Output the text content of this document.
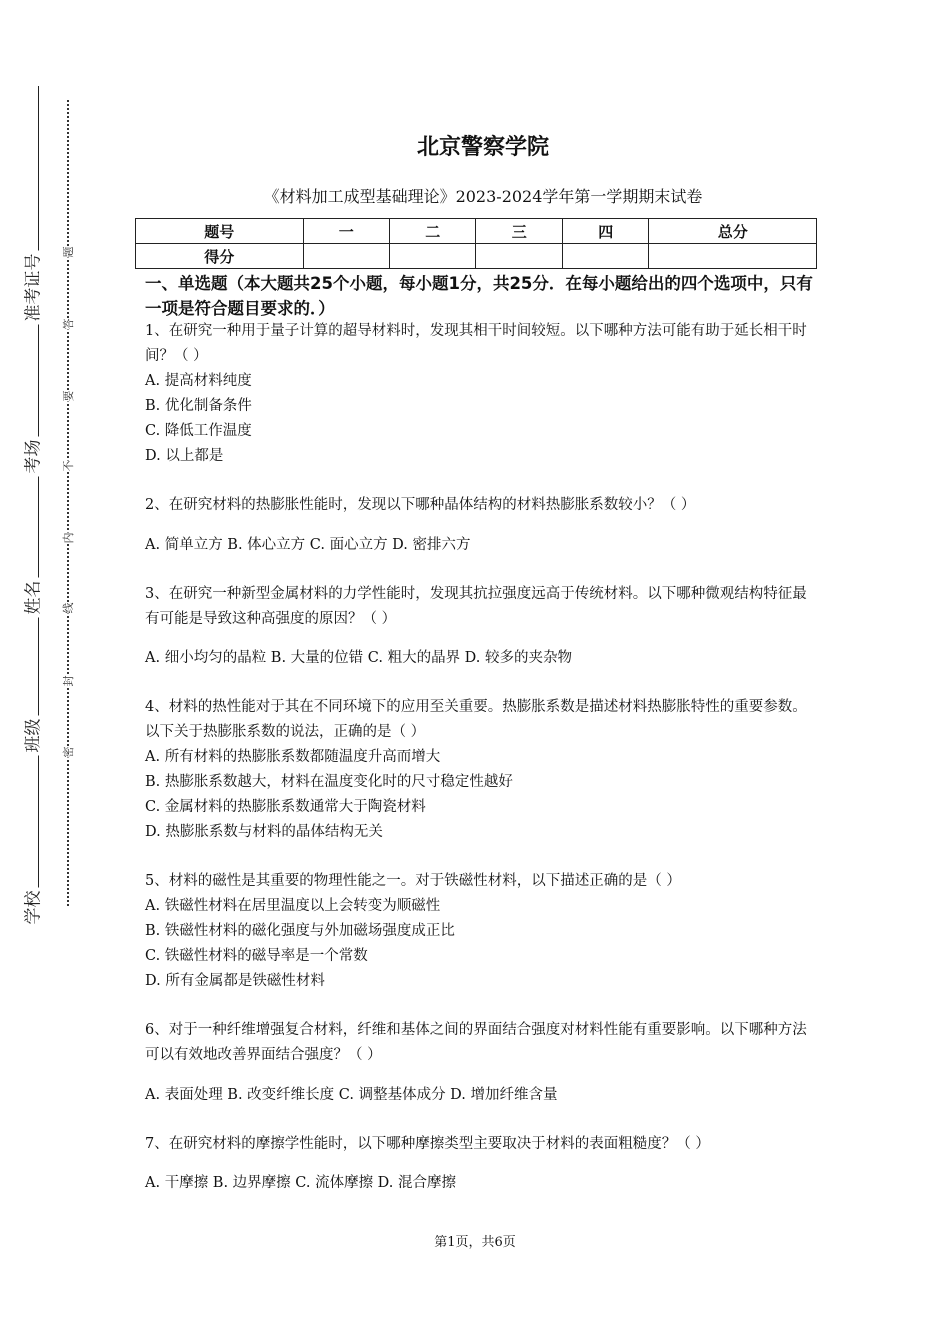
准考证号
考场
姓名
班级
学校
题
答
要
不
内
线
封
密
北京警察学院
《材料加工成型基础理论》2023-2024学年第一学期期末试卷
题号	一	二	三	四	总分
得分					
一、单选题（本大题共25个小题，每小题1分，共25分．在每小题给出的四个选项中，只有一项是符合题目要求的．）

1、在研究一种用于量子计算的超导材料时，发现其相干时间较短。以下哪种方法可能有助于延长相干时间？（ ）

A. 提高材料纯度

B. 优化制备条件

C. 降低工作温度

D. 以上都是

2、在研究材料的热膨胀性能时，发现以下哪种晶体结构的材料热膨胀系数较小？（ ）

A. 简单立方 B. 体心立方 C. 面心立方 D. 密排六方

3、在研究一种新型金属材料的力学性能时，发现其抗拉强度远高于传统材料。以下哪种微观结构特征最有可能是导致这种高强度的原因？（ ）

A. 细小均匀的晶粒 B. 大量的位错 C. 粗大的晶界 D. 较多的夹杂物

4、材料的热性能对于其在不同环境下的应用至关重要。热膨胀系数是描述材料热膨胀特性的重要参数。以下关于热膨胀系数的说法，正确的是（ ）

A. 所有材料的热膨胀系数都随温度升高而增大

B. 热膨胀系数越大，材料在温度变化时的尺寸稳定性越好

C. 金属材料的热膨胀系数通常大于陶瓷材料

D. 热膨胀系数与材料的晶体结构无关

5、材料的磁性是其重要的物理性能之一。对于铁磁性材料，以下描述正确的是（ ）

A. 铁磁性材料在居里温度以上会转变为顺磁性

B. 铁磁性材料的磁化强度与外加磁场强度成正比

C. 铁磁性材料的磁导率是一个常数

D. 所有金属都是铁磁性材料

6、对于一种纤维增强复合材料，纤维和基体之间的界面结合强度对材料性能有重要影响。以下哪种方法可以有效地改善界面结合强度？（ ）

A. 表面处理 B. 改变纤维长度 C. 调整基体成分 D. 增加纤维含量

7、在研究材料的摩擦学性能时，以下哪种摩擦类型主要取决于材料的表面粗糙度？（ ）

A. 干摩擦 B. 边界摩擦 C. 流体摩擦 D. 混合摩擦

第1页，共6页
